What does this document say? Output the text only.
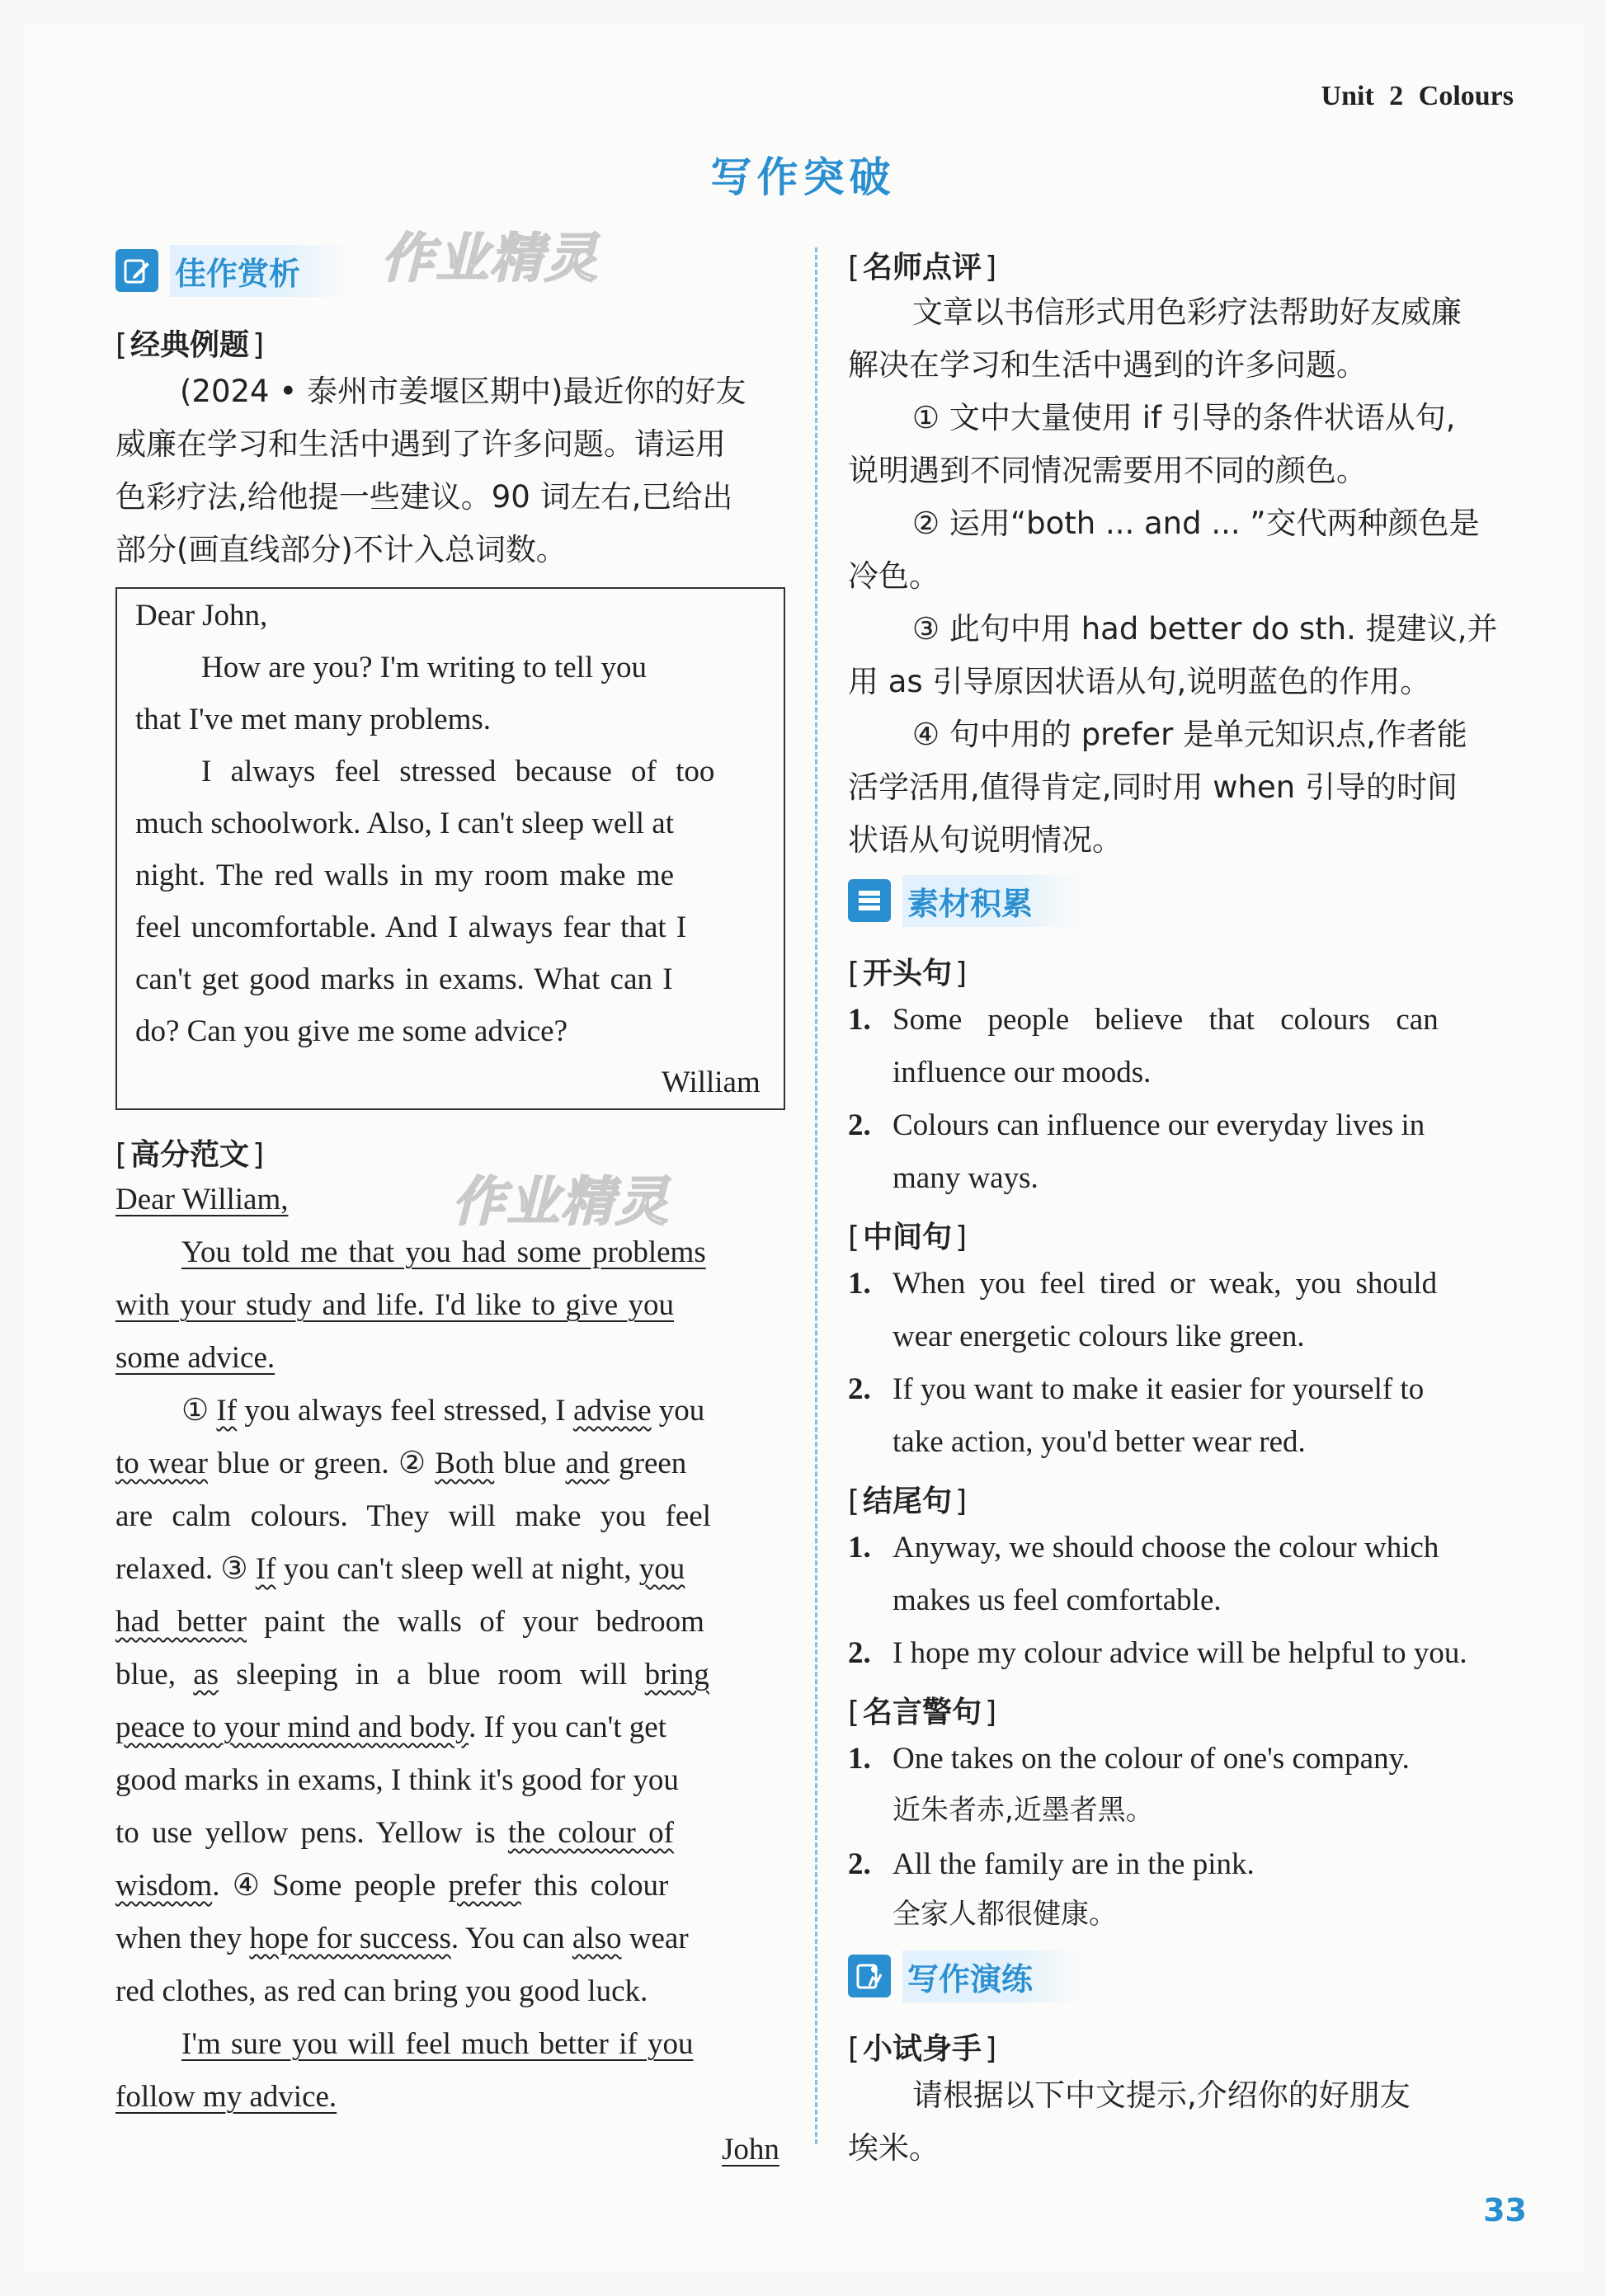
Unit 2 Colours
写作突破
作业精灵
作业精灵
佳作赏析
[ 经典例题 ]
(2024 • 泰州市姜堰区期中)最近你的好友
威廉在学习和生活中遇到了许多问题。请运用
色彩疗法,给他提一些建议。90 词左右,已给出
部分(画直线部分)不计入总词数。
Dear John,
How are you? I'm writing to tell you
that I've met many problems.
I always feel stressed because of too
much schoolwork. Also, I can't sleep well at
night. The red walls in my room make me
feel uncomfortable. And I always fear that I
can't get good marks in exams. What can I
do? Can you give me some advice?
William
[ 高分范文 ]
Dear William,
You told me that you had some problems
with your study and life. I'd like to give you
some advice.
① If you always feel stressed, I advise you
to wear blue or green. ② Both blue and green
are calm colours. They will make you feel
relaxed. ③ If you can't sleep well at night, you
had better paint the walls of your bedroom
blue, as sleeping in a blue room will bring
peace to your mind and body. If you can't get
good marks in exams, I think it's good for you
to use yellow pens. Yellow is the colour of
wisdom. ④ Some people prefer this colour
when they hope for success. You can also wear
red clothes, as red can bring you good luck.
I'm sure you will feel much better if you
follow my advice.
John
[ 名师点评 ]
文章以书信形式用色彩疗法帮助好友威廉
解决在学习和生活中遇到的许多问题。
① 文中大量使用 if 引导的条件状语从句,
说明遇到不同情况需要用不同的颜色。
② 运用“both ... and ... ”交代两种颜色是
冷色。
③ 此句中用 had better do sth. 提建议,并
用 as 引导原因状语从句,说明蓝色的作用。
④ 句中用的 prefer 是单元知识点,作者能
活学活用,值得肯定,同时用 when 引导的时间
状语从句说明情况。
素材积累
[ 开头句 ]
1. Some people believe that colours can
influence our moods.
2. Colours can influence our everyday lives in
many ways.
[ 中间句 ]
1. When you feel tired or weak, you should
wear energetic colours like green.
2. If you want to make it easier for yourself to
take action, you'd better wear red.
[ 结尾句 ]
1. Anyway, we should choose the colour which
makes us feel comfortable.
2. I hope my colour advice will be helpful to you.
[ 名言警句 ]
1. One takes on the colour of one's company.
近朱者赤,近墨者黑。
2. All the family are in the pink.
全家人都很健康。
写作演练
[ 小试身手 ]
请根据以下中文提示,介绍你的好朋友
埃米。
33
